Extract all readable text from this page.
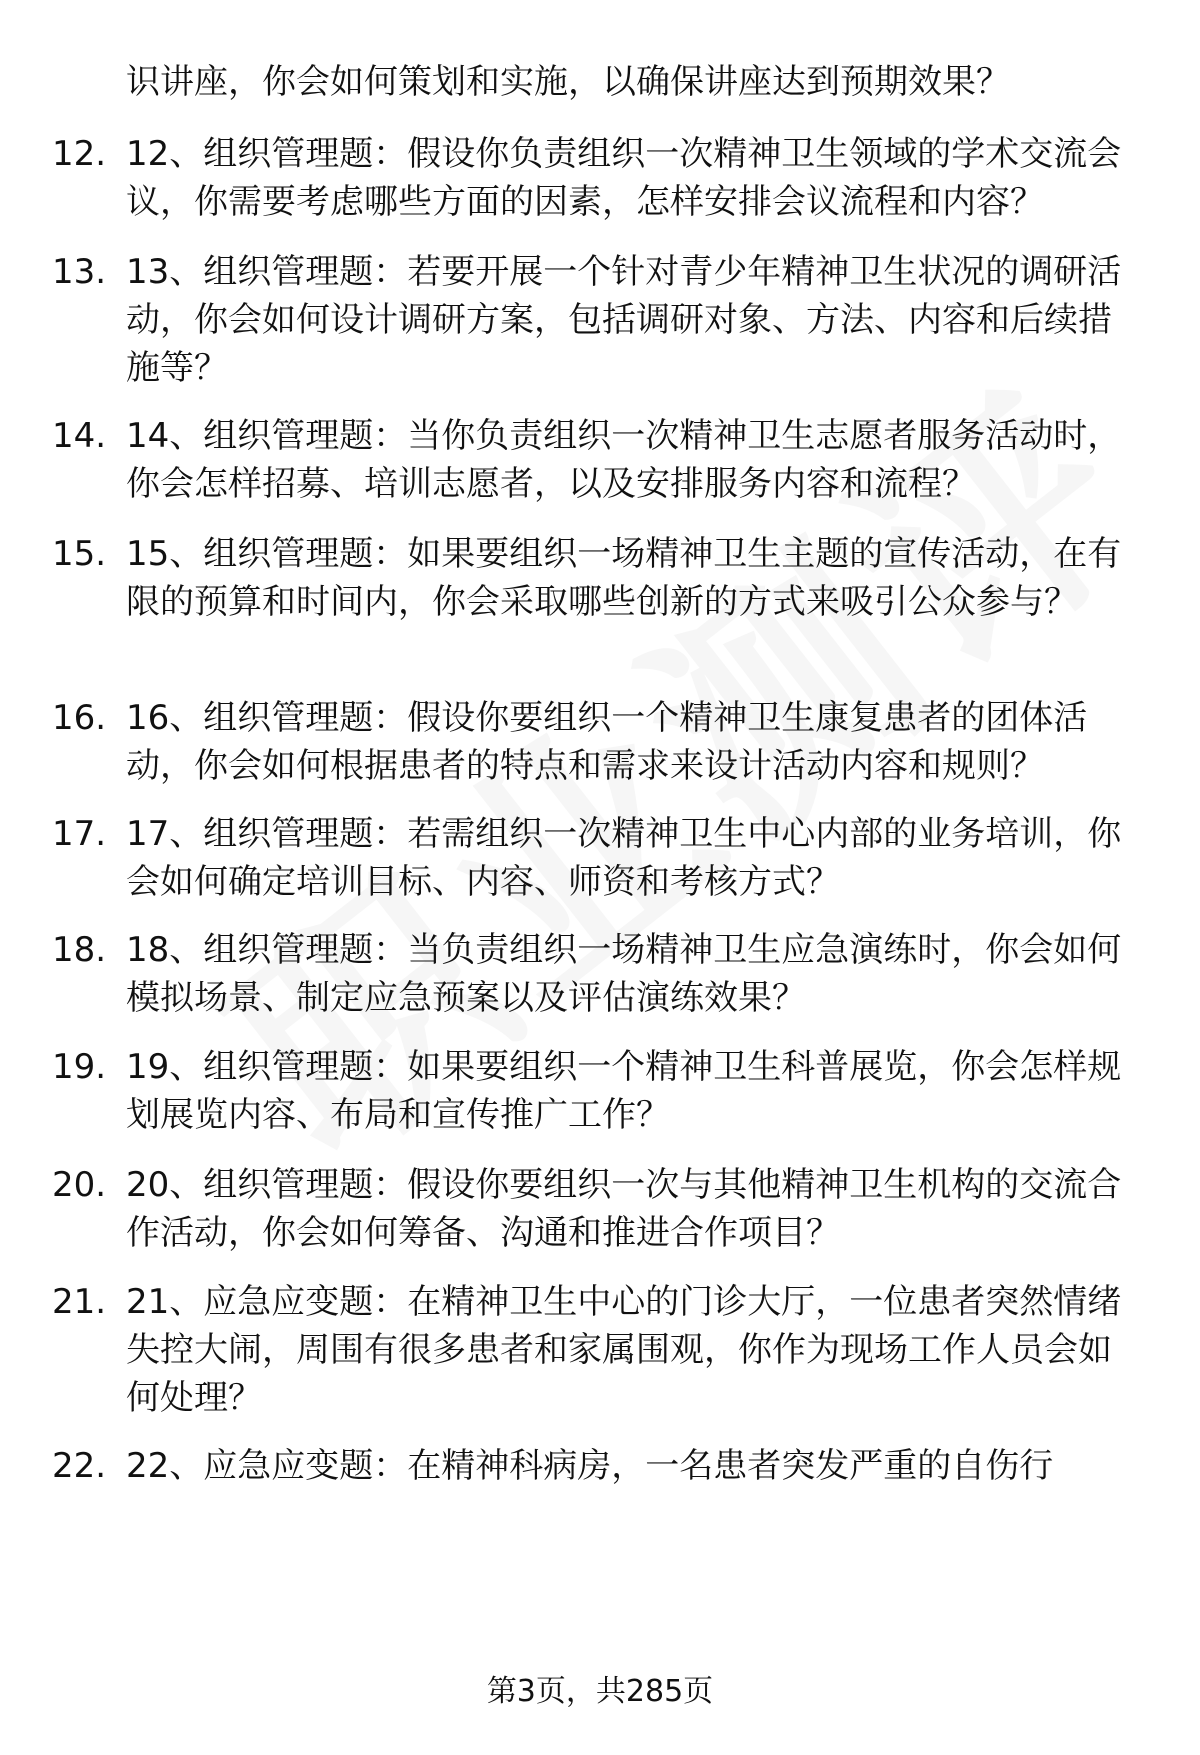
识讲座，你会如何策划和实施，以确保讲座达到预期效果？
12. 12、组织管理题：假设你负责组织一次精神卫生领域的学术交流会议，你需要考虑哪些方面的因素，怎样安排会议流程和内容？
13. 13、组织管理题：若要开展一个针对青少年精神卫生状况的调研活动，你会如何设计调研方案，包括调研对象、方法、内容和后续措施等？
14. 14、组织管理题：当你负责组织一次精神卫生志愿者服务活动时，你会怎样招募、培训志愿者，以及安排服务内容和流程？
15. 15、组织管理题：如果要组织一场精神卫生主题的宣传活动，在有限的预算和时间内，你会采取哪些创新的方式来吸引公众参与？
16. 16、组织管理题：假设你要组织一个精神卫生康复患者的团体活动，你会如何根据患者的特点和需求来设计活动内容和规则？
17. 17、组织管理题：若需组织一次精神卫生中心内部的业务培训，你会如何确定培训目标、内容、师资和考核方式？
18. 18、组织管理题：当负责组织一场精神卫生应急演练时，你会如何模拟场景、制定应急预案以及评估演练效果？
19. 19、组织管理题：如果要组织一个精神卫生科普展览，你会怎样规划展览内容、布局和宣传推广工作？
20. 20、组织管理题：假设你要组织一次与其他精神卫生机构的交流合作活动，你会如何筹备、沟通和推进合作项目？
21. 21、应急应变题：在精神卫生中心的门诊大厅，一位患者突然情绪失控大闹，周围有很多患者和家属围观，你作为现场工作人员会如何处理？
22. 22、应急应变题：在精神科病房，一名患者突发严重的自伤行
第3页，共285页
